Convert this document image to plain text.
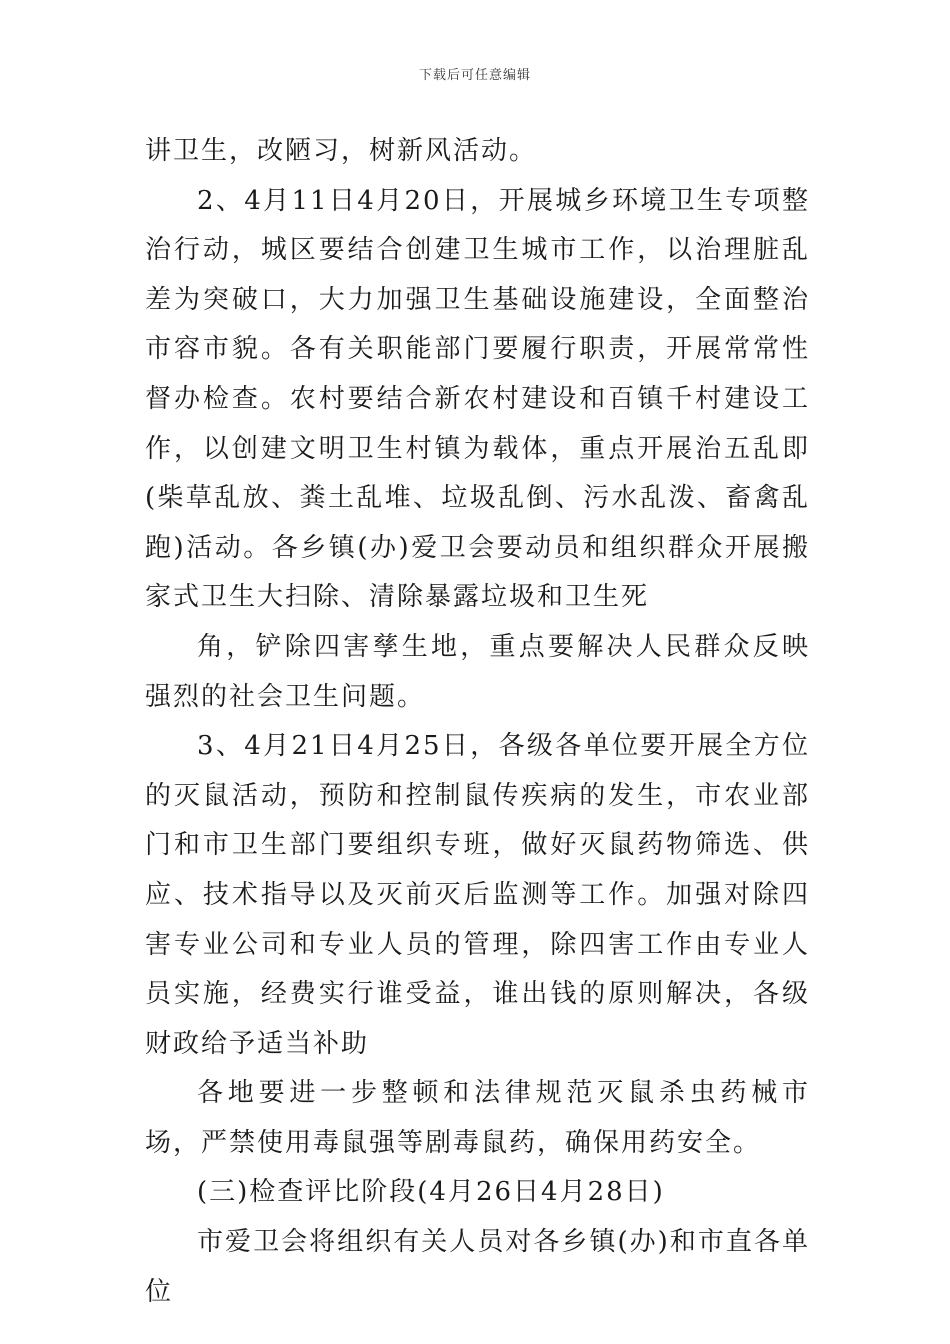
下载后可任意编辑

讲卫生，改陋习，树新风活动。

2、4月11日4月20日，开展城乡环境卫生专项整治行动，城区要结合创建卫生城市工作，以治理脏乱差为突破口，大力加强卫生基础设施建设，全面整治市容市貌。各有关职能部门要履行职责，开展常常性督办检查。农村要结合新农村建设和百镇千村建设工作，以创建文明卫生村镇为载体，重点开展治五乱即(柴草乱放、粪土乱堆、垃圾乱倒、污水乱泼、畜禽乱跑)活动。各乡镇(办)爱卫会要动员和组织群众开展搬家式卫生大扫除、清除暴露垃圾和卫生死

角，铲除四害孳生地，重点要解决人民群众反映强烈的社会卫生问题。

3、4月21日4月25日，各级各单位要开展全方位的灭鼠活动，预防和控制鼠传疾病的发生，市农业部门和市卫生部门要组织专班，做好灭鼠药物筛选、供应、技术指导以及灭前灭后监测等工作。加强对除四害专业公司和专业人员的管理，除四害工作由专业人员实施，经费实行谁受益，谁出钱的原则解决，各级财政给予适当补助

各地要进一步整顿和法律规范灭鼠杀虫药械市场，严禁使用毒鼠强等剧毒鼠药，确保用药安全。

(三)检查评比阶段(4月26日4月28日)

市爱卫会将组织有关人员对各乡镇(办)和市直各单位
